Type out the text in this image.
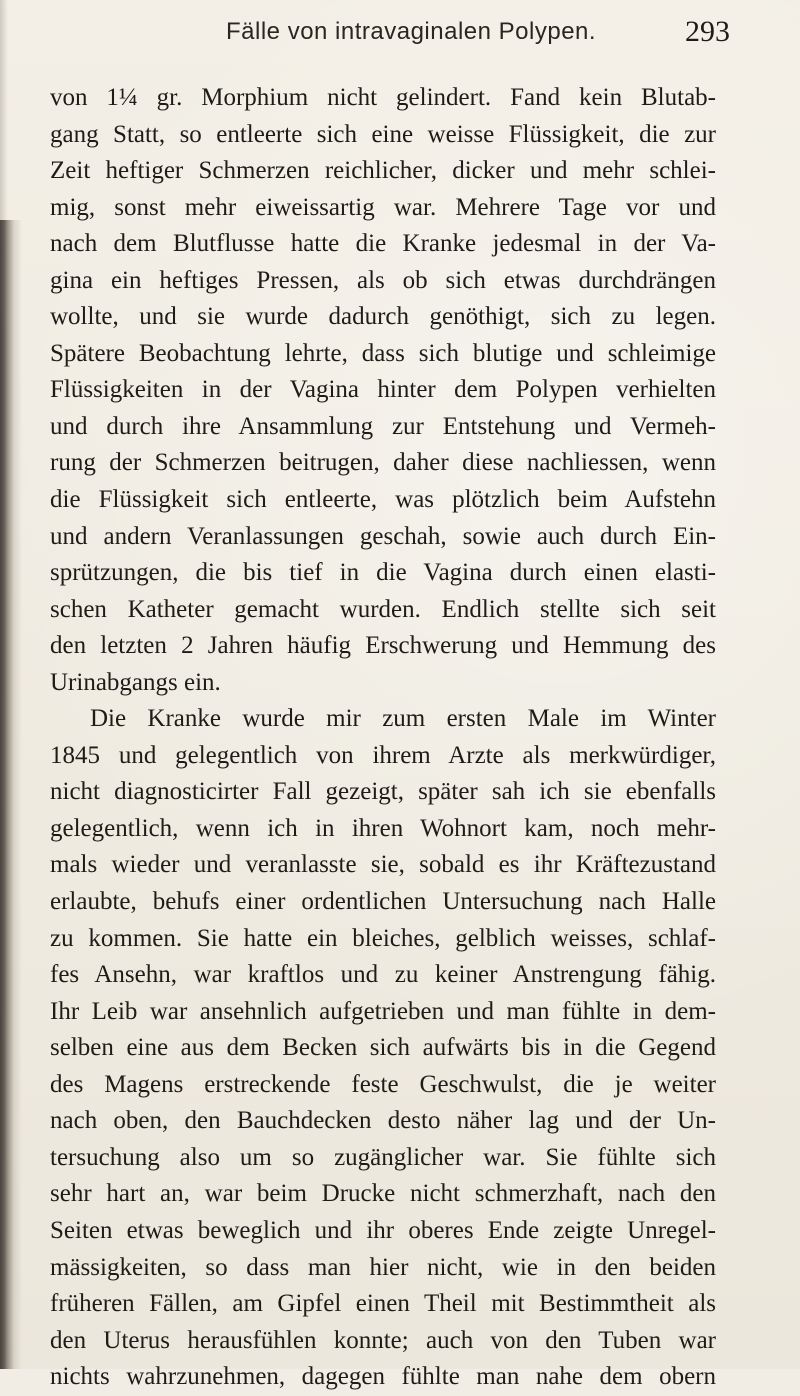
Fälle von intravaginalen Polypen.	293
von 1¼ gr. Morphium nicht gelindert. Fand kein Blutab-
gang Statt, so entleerte sich eine weisse Flüssigkeit, die zur
Zeit heftiger Schmerzen reichlicher, dicker und mehr schlei-
mig, sonst mehr eiweissartig war. Mehrere Tage vor und
nach dem Blutflusse hatte die Kranke jedesmal in der Va-
gina ein heftiges Pressen, als ob sich etwas durchdrängen
wollte, und sie wurde dadurch genöthigt, sich zu legen.
Spätere Beobachtung lehrte, dass sich blutige und schleimige
Flüssigkeiten in der Vagina hinter dem Polypen verhielten
und durch ihre Ansammlung zur Entstehung und Vermeh-
rung der Schmerzen beitrugen, daher diese nachliessen, wenn
die Flüssigkeit sich entleerte, was plötzlich beim Aufstehn
und andern Veranlassungen geschah, sowie auch durch Ein-
sprützungen, die bis tief in die Vagina durch einen elasti-
schen Katheter gemacht wurden. Endlich stellte sich seit
den letzten 2 Jahren häufig Erschwerung und Hemmung des
Urinabgangs ein.
Die Kranke wurde mir zum ersten Male im Winter
1845 und gelegentlich von ihrem Arzte als merkwürdiger,
nicht diagnosticirter Fall gezeigt, später sah ich sie ebenfalls
gelegentlich, wenn ich in ihren Wohnort kam, noch mehr-
mals wieder und veranlasste sie, sobald es ihr Kräftezustand
erlaubte, behufs einer ordentlichen Untersuchung nach Halle
zu kommen. Sie hatte ein bleiches, gelblich weisses, schlaf-
fes Ansehn, war kraftlos und zu keiner Anstrengung fähig.
Ihr Leib war ansehnlich aufgetrieben und man fühlte in dem-
selben eine aus dem Becken sich aufwärts bis in die Gegend
des Magens erstreckende feste Geschwulst, die je weiter
nach oben, den Bauchdecken desto näher lag und der Un-
tersuchung also um so zugänglicher war. Sie fühlte sich
sehr hart an, war beim Drucke nicht schmerzhaft, nach den
Seiten etwas beweglich und ihr oberes Ende zeigte Unregel-
mässigkeiten, so dass man hier nicht, wie in den beiden
früheren Fällen, am Gipfel einen Theil mit Bestimmtheit als
den Uterus herausfühlen konnte; auch von den Tuben war
nichts wahrzunehmen, dagegen fühlte man nahe dem obern
